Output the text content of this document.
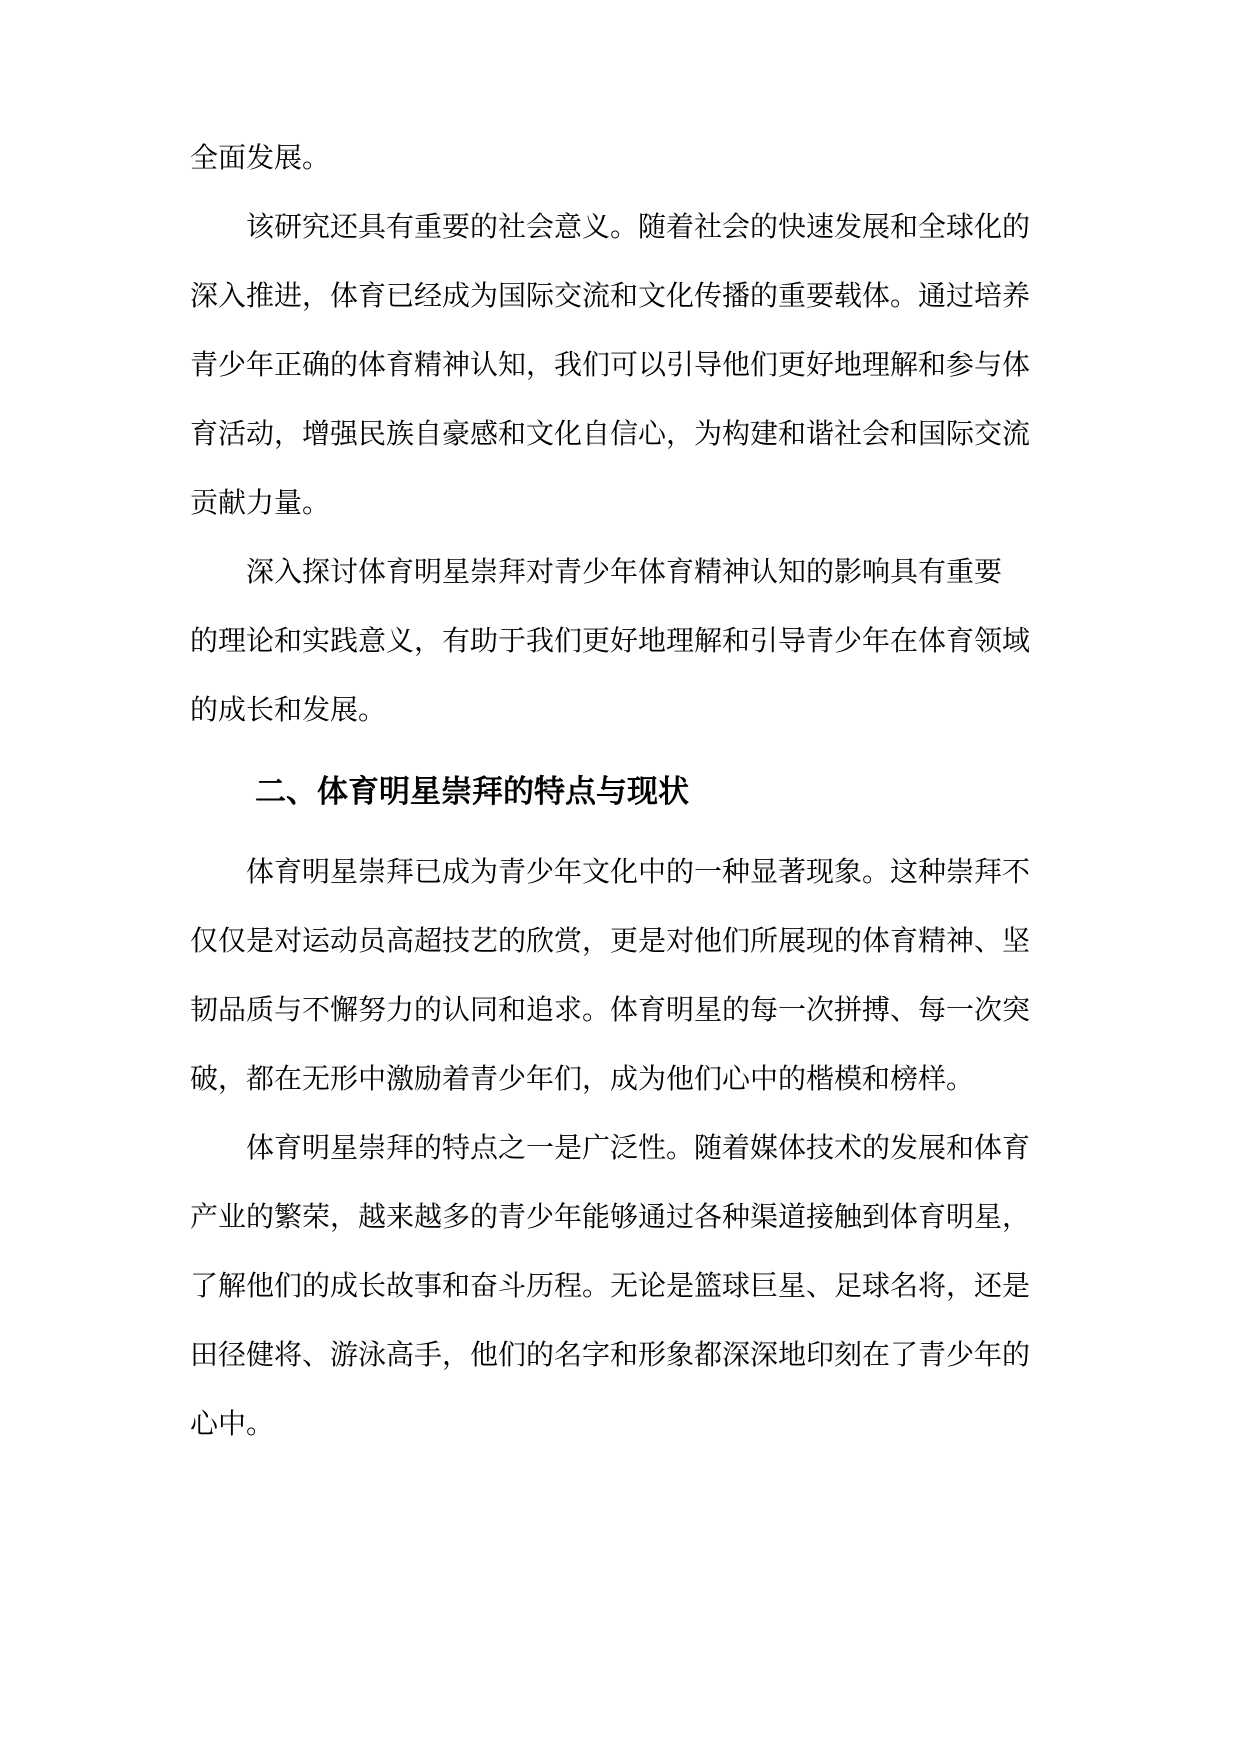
全面发展。

该研究还具有重要的社会意义。随着社会的快速发展和全球化的

深入推进，体育已经成为国际交流和文化传播的重要载体。通过培养

青少年正确的体育精神认知，我们可以引导他们更好地理解和参与体

育活动，增强民族自豪感和文化自信心，为构建和谐社会和国际交流

贡献力量。

深入探讨体育明星崇拜对青少年体育精神认知的影响具有重要

的理论和实践意义，有助于我们更好地理解和引导青少年在体育领域

的成长和发展。

二、体育明星崇拜的特点与现状

体育明星崇拜已成为青少年文化中的一种显著现象。这种崇拜不

仅仅是对运动员高超技艺的欣赏，更是对他们所展现的体育精神、坚

韧品质与不懈努力的认同和追求。体育明星的每一次拼搏、每一次突

破，都在无形中激励着青少年们，成为他们心中的楷模和榜样。

体育明星崇拜的特点之一是广泛性。随着媒体技术的发展和体育

产业的繁荣，越来越多的青少年能够通过各种渠道接触到体育明星，

了解他们的成长故事和奋斗历程。无论是篮球巨星、足球名将，还是

田径健将、游泳高手，他们的名字和形象都深深地印刻在了青少年的

心中。
